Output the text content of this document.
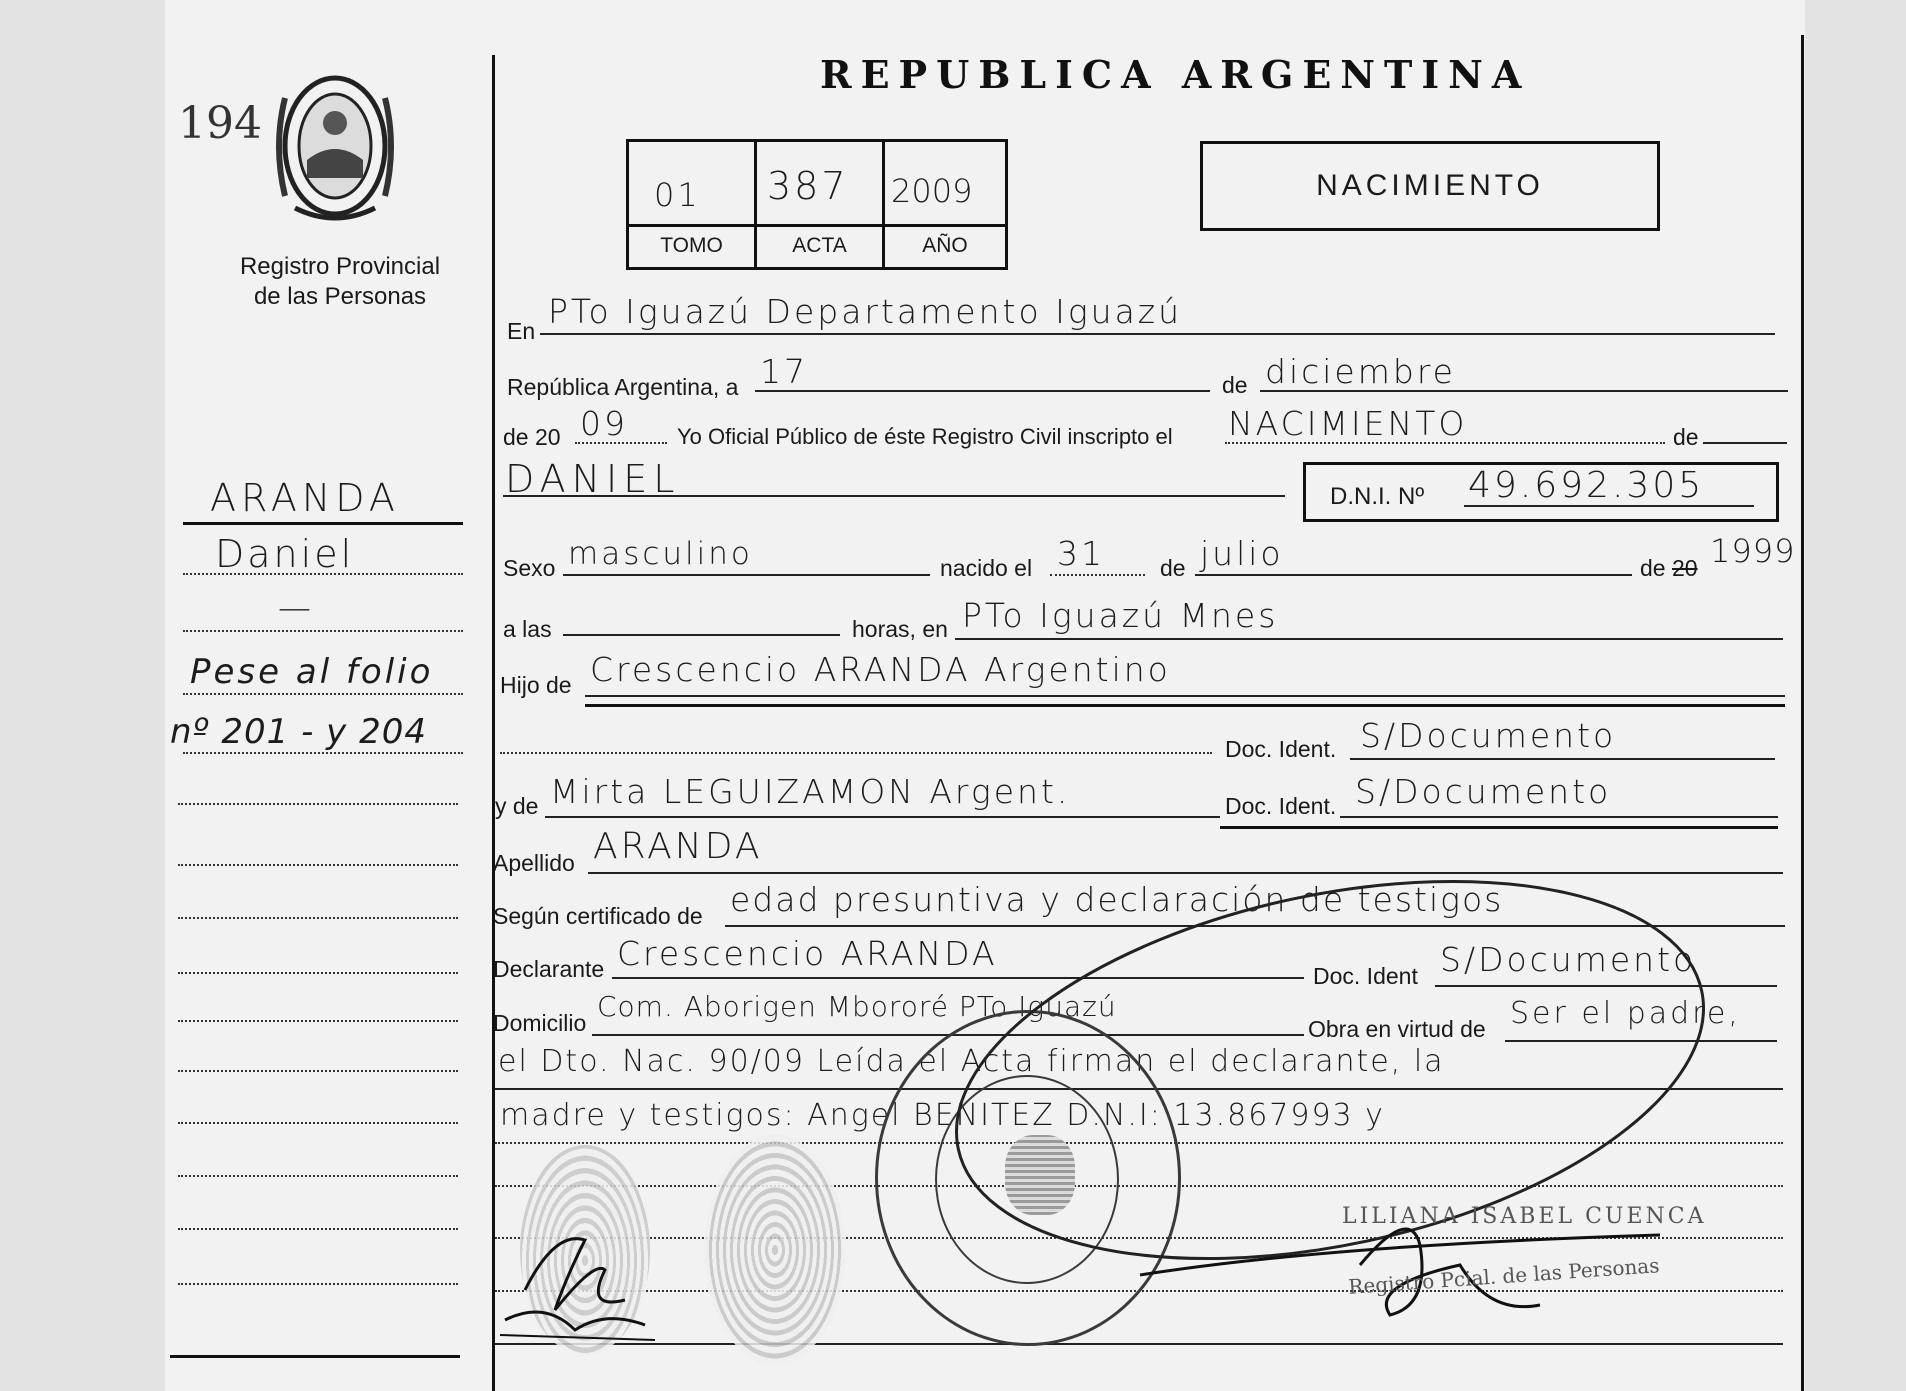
194
Registro Provincial
de las Personas
REPUBLICA ARGENTINA
01 387 2009
TOMO	ACTA	AÑO
NACIMIENTO
ARANDA
Daniel
—
Pese al folio
nº 201 - y 204
En PTo Iguazú Departamento Iguazú
República Argentina, a 17	de diciembre
de 20 09 Yo Oficial Público de éste Registro Civil inscripto el NACIMIENTO	de
DANIEL	D.N.I. Nº 49.692.305
Sexo masculino	nacido el 31 de julio	de 20 1999
a las	horas, en PTo Iguazú Mnes
Hijo de Crescencio ARANDA Argentino
Doc. Ident. S/Documento
y de Mirta LEGUIZAMON Argent.	Doc. Ident. S/Documento
Apellido ARANDA
Según certificado de edad presuntiva y declaración de testigos
Declarante Crescencio ARANDA
Doc. Ident S/Documento
Domicilio Com. Aborigen Mbororé PTo Iguazú
Obra en virtud de Ser el padre,
el Dto. Nac. 90/09 Leída el Acta firman el declarante, la
madre y testigos: Angel BENITEZ D.N.I: 13.867993 y
LILIANA ISABEL CUENCA
Registro Pcial. de las Personas
